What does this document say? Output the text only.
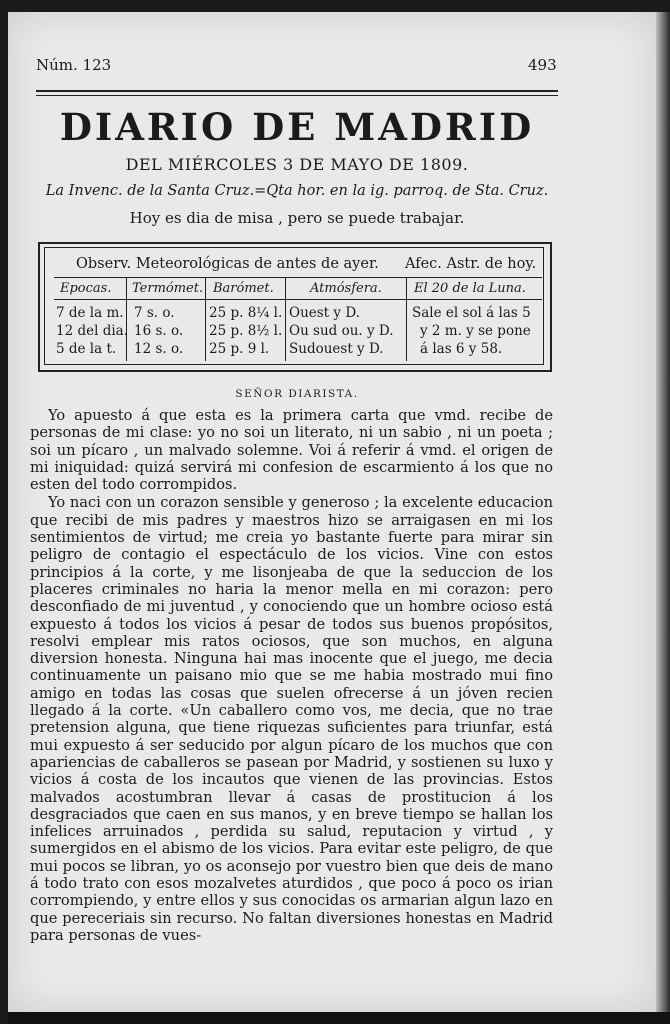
Núm. 123	493
DIARIO DE MADRID
DEL MIÉRCOLES 3 DE MAYO DE 1809.
La Invenc. de la Santa Cruz.=Qta hor. en la ig. parroq. de Sta. Cruz.
Hoy es dia de misa , pero se puede trabajar.
Observ. Meteorológicas de antes de ayer. Afec. Astr. de hoy.
Epocas. Termómet. Barómet.	Atmósfera. El 20 de la Luna.
7 de la m.
12 del dia.
5 de la t.
7 s. o.
16 s. o.
12 s. o.
25 p. 8¼ l.
25 p. 8½ l.
25 p. 9 l.
Ouest y D.
Ou sud ou. y D.
Sudouest y D.
Sale el sol á las 5
y 2 m. y se pone
á las 6 y 58.
SEÑOR DIARISTA.

Yo apuesto á que esta es la primera carta que vmd. recibe de personas de mi clase: yo no soi un literato, ni un sabio , ni un poeta ; soi un pícaro , un malvado solemne. Voi á referir á vmd. el origen de mi iniquidad: quizá servirá mi confesion de escarmiento á los que no esten del todo corrompidos.

Yo naci con un corazon sensible y generoso ; la excelente educacion que recibi de mis padres y maestros hizo se arraigasen en mi los sentimientos de virtud; me creia yo bastante fuerte para mirar sin peligro de contagio el espectáculo de los vicios. Vine con estos principios á la corte, y me lisonjeaba de que la seduccion de los placeres criminales no haria la menor mella en mi corazon: pero desconfiado de mi juventud , y conociendo que un hombre ocioso está expuesto á todos los vicios á pesar de todos sus buenos propósitos, resolvi emplear mis ratos ociosos, que son muchos, en alguna diversion honesta. Ninguna hai mas inocente que el juego, me decia continuamente un paisano mio que se me habia mostrado mui fino amigo en todas las cosas que suelen ofrecerse á un jóven recien llegado á la corte. «Un caballero como vos, me decia, que no trae pretension alguna, que tiene riquezas suficientes para triunfar, está mui expuesto á ser seducido por algun pícaro de los muchos que con apariencias de caballeros se pasean por Madrid, y sostienen su luxo y vicios á costa de los incautos que vienen de las provincias. Estos malvados acostumbran llevar á casas de prostitucion á los desgraciados que caen en sus manos, y en breve tiempo se hallan los infelices arruinados , perdida su salud, reputacion y virtud , y sumergidos en el abismo de los vicios. Para evitar este peligro, de que mui pocos se libran, yo os aconsejo por vuestro bien que deis de mano á todo trato con esos mozalvetes aturdidos , que poco á poco os irian corrompiendo, y entre ellos y sus conocidas os armarian algun lazo en que pereceriais sin recurso. No faltan diversiones honestas en Madrid para personas de vues-
